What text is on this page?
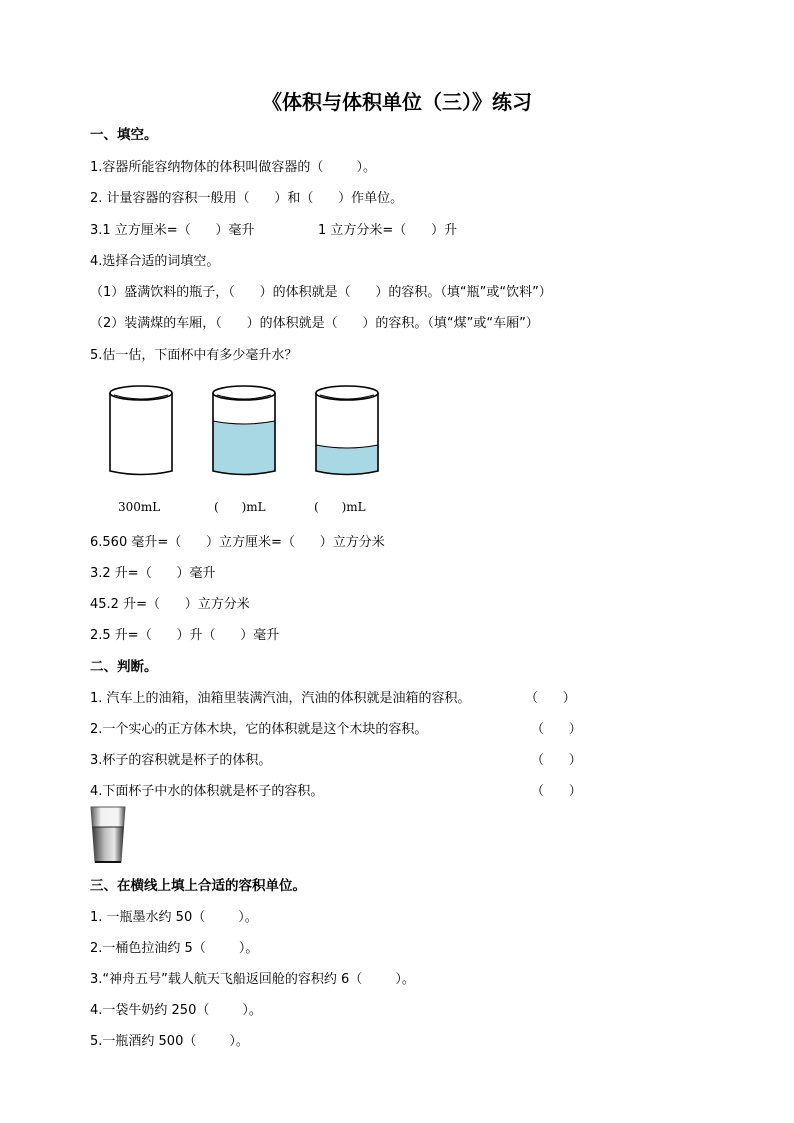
《体积与体积单位（三）》练习
一、填空。
1.容器所能容纳物体的体积叫做容器的（        ）。
2. 计量容器的容积一般用（      ）和（      ）作单位。
3.1 立方厘米=（      ）毫升	1 立方分米=（      ）升
4.选择合适的词填空。
（1）盛满饮料的瓶子，（      ）的体积就是（      ）的容积。（填“瓶”或“饮料”）
（2）装满煤的车厢，（      ）的体积就是（      ）的容积。（填“煤”或“车厢”）
5.估一估，下面杯中有多少毫升水？
300mL	(      )mL	(      )mL
6.560 毫升=（      ）立方厘米=（      ）立方分米
3.2 升=（      ）毫升
45.2 升=（      ）立方分米
2.5 升=（      ）升（      ）毫升
二、判断。
1. 汽车上的油箱，油箱里装满汽油，汽油的体积就是油箱的容积。	（      ）
2.一个实心的正方体木块，它的体积就是这个木块的容积。	（      ）
3.杯子的容积就是杯子的体积。	（      ）
4.下面杯子中水的体积就是杯子的容积。	（      ）
三、在横线上填上合适的容积单位。
1. 一瓶墨水约 50（        ）。
2.一桶色拉油约 5（        ）。
3.“神舟五号”载人航天飞船返回舱的容积约 6（        ）。
4.一袋牛奶约 250（        ）。
5.一瓶酒约 500（        ）。
